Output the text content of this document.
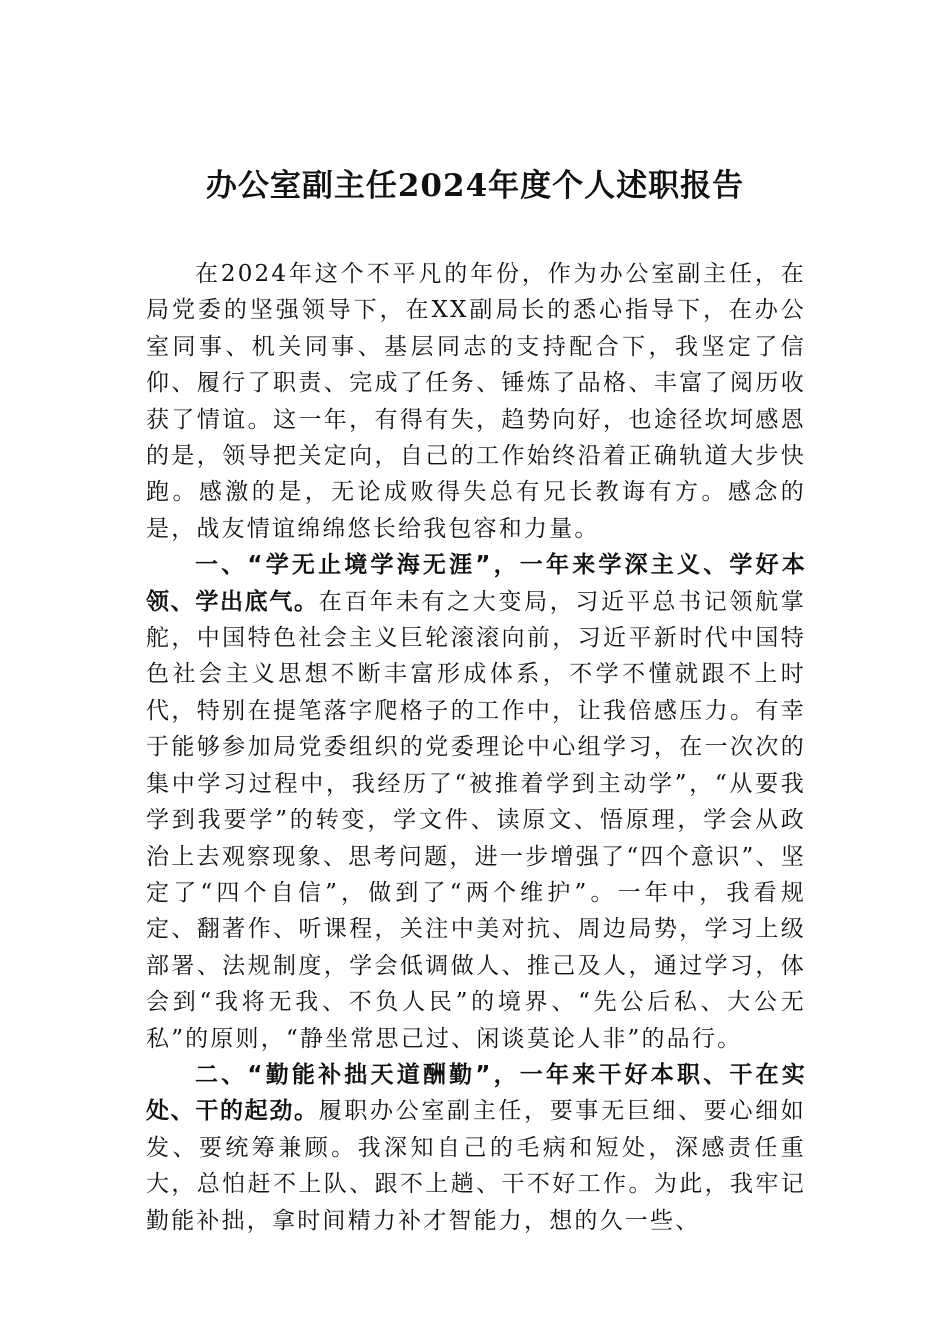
办公室副主任2024年度个人述职报告

在2024年这个不平凡的年份，作为办公室副主任，在局党委的坚强领导下，在XX副局长的悉心指导下，在办公室同事、机关同事、基层同志的支持配合下，我坚定了信仰、履行了职责、完成了任务、锤炼了品格、丰富了阅历收获了情谊。这一年，有得有失，趋势向好，也途径坎坷感恩的是，领导把关定向，自己的工作始终沿着正确轨道大步快跑。感激的是，无论成败得失总有兄长教诲有方。感念的是，战友情谊绵绵悠长给我包容和力量。

一、“学无止境学海无涯”，一年来学深主义、学好本领、学出底气。在百年未有之大变局，习近平总书记领航掌舵，中国特色社会主义巨轮滚滚向前，习近平新时代中国特色社会主义思想不断丰富形成体系，不学不懂就跟不上时代，特别在提笔落字爬格子的工作中，让我倍感压力。有幸于能够参加局党委组织的党委理论中心组学习，在一次次的集中学习过程中，我经历了“被推着学到主动学”，“从要我学到我要学”的转变，学文件、读原文、悟原理，学会从政治上去观察现象、思考问题，进一步增强了“四个意识”、坚定了“四个自信”，做到了“两个维护”。一年中，我看规定、翻著作、听课程，关注中美对抗、周边局势，学习上级部署、法规制度，学会低调做人、推己及人，通过学习，体会到“我将无我、不负人民”的境界、“先公后私、大公无私”的原则，“静坐常思己过、闲谈莫论人非”的品行。

二、“勤能补拙天道酬勤”，一年来干好本职、干在实处、干的起劲。履职办公室副主任，要事无巨细、要心细如发、要统筹兼顾。我深知自己的毛病和短处，深感责任重大，总怕赶不上队、跟不上趟、干不好工作。为此，我牢记勤能补拙，拿时间精力补才智能力，想的久一些、
